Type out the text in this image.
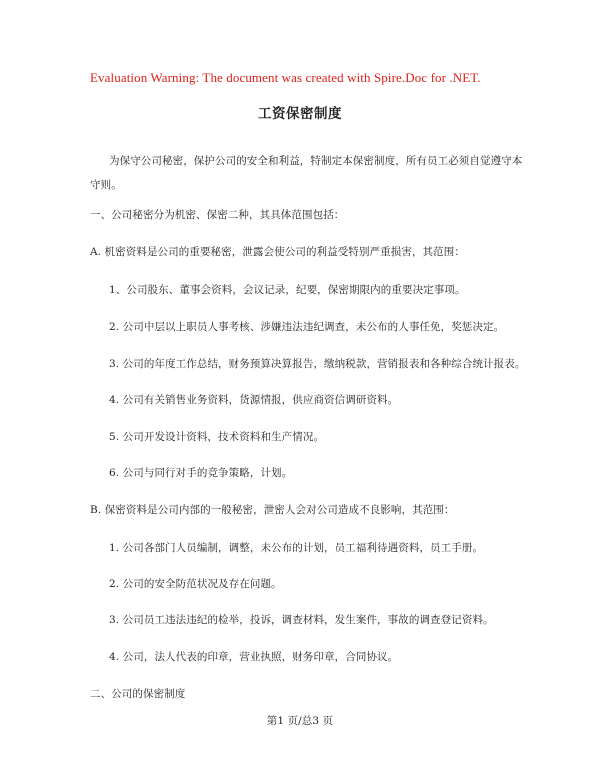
Evaluation Warning: The document was created with Spire.Doc for .NET.
工资保密制度
为保守公司秘密，保护公司的安全和利益，特制定本保密制度，所有员工必须自觉遵守本
守则。
一、公司秘密分为机密、保密二种，其具体范围包括：
A. 机密资料是公司的重要秘密，泄露会使公司的利益受特别严重损害，其范围：
1、公司股东、董事会资料，会议记录，纪要，保密期限内的重要决定事项。
2. 公司中层以上职员人事考核、涉嫌违法违纪调查，未公布的人事任免，奖惩决定。
3. 公司的年度工作总结，财务预算决算报告，缴纳税款，营销报表和各种综合统计报表。
4. 公司有关销售业务资料，货源情报，供应商资信调研资料。
5. 公司开发设计资料，技术资料和生产情况。
6. 公司与同行对手的竞争策略，计划。
B. 保密资料是公司内部的一般秘密，泄密人会对公司造成不良影响，其范围：
1. 公司各部门人员编制，调整，未公布的计划，员工福利待遇资料，员工手册。
2. 公司的安全防范状况及存在问题。
3. 公司员工违法违纪的检举，投诉，调查材料，发生案件，事故的调查登记资料。
4. 公司，法人代表的印章，营业执照，财务印章，合同协议。
二、公司的保密制度
第1 页/总3 页
